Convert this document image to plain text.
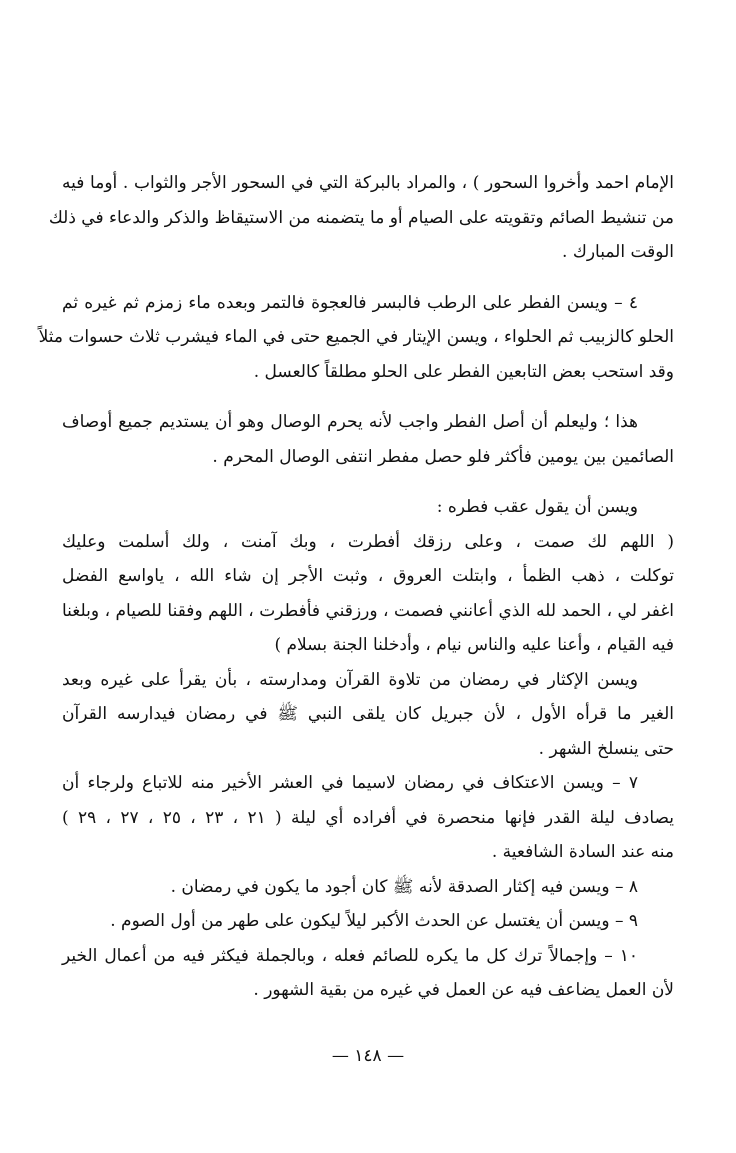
الإمام احمد وأخروا السحور ) ، والمراد بالبركة التي في السحور الأجر والثواب . أوما فيه
من تنشيط الصائم وتقويته على الصيام أو ما يتضمنه من الاستيقاظ والذكر والدعاء في ذلك
الوقت المبارك .
٤ – ويسن الفطر على الرطب فالبسر فالعجوة فالتمر وبعده ماء زمزم ثم غيره ثم
الحلو كالزبيب ثم الحلواء ، ويسن الإيتار في الجميع حتى في الماء فيشرب ثلاث حسوات مثلاً
وقد استحب بعض التابعين الفطر على الحلو مطلقاً كالعسل .
هذا ؛ وليعلم أن أصل الفطر واجب لأنه يحرم الوصال وهو أن يستديم جميع أوصاف
الصائمين بين يومين فأكثر فلو حصل مفطر انتفى الوصال المحرم .
ويسن أن يقول عقب فطره :
( اللهم لك صمت ، وعلى رزقك أفطرت ، وبك آمنت ، ولك أسلمت وعليك
توكلت ، ذهب الظمأ ، وابتلت العروق ، وثبت الأجر إن شاء الله ، ياواسع الفضل
اغفر لي ، الحمد لله الذي أعانني فصمت ، ورزقني فأفطرت ، اللهم وفقنا للصيام ، وبلغنا
فيه القيام ، وأعنا عليه والناس نيام ، وأدخلنا الجنة بسلام )
ويسن الإكثار في رمضان من تلاوة القرآن ومدارسته ، بأن يقرأ على غيره وبعد
الغير ما قرأه الأول ، لأن جبريل كان يلقى النبي ﷺ في رمضان فيدارسه القرآن
حتى ينسلخ الشهر .
٧ – ويسن الاعتكاف في رمضان لاسيما في العشر الأخير منه للاتباع ولرجاء أن
يصادف ليلة القدر فإنها منحصرة في أفراده أي ليلة ( ٢١ ، ٢٣ ، ٢٥ ، ٢٧ ، ٢٩ )
منه عند السادة الشافعية .
٨ – ويسن فيه إكثار الصدقة لأنه ﷺ كان أجود ما يكون في رمضان .
٩ – ويسن أن يغتسل عن الحدث الأكبر ليلاً ليكون على طهر من أول الصوم .
١٠ – وإجمالاً ترك كل ما يكره للصائم فعله ، وبالجملة فيكثر فيه من أعمال الخير
لأن العمل يضاعف فيه عن العمل في غيره من بقية الشهور .
— ١٤٨ —
